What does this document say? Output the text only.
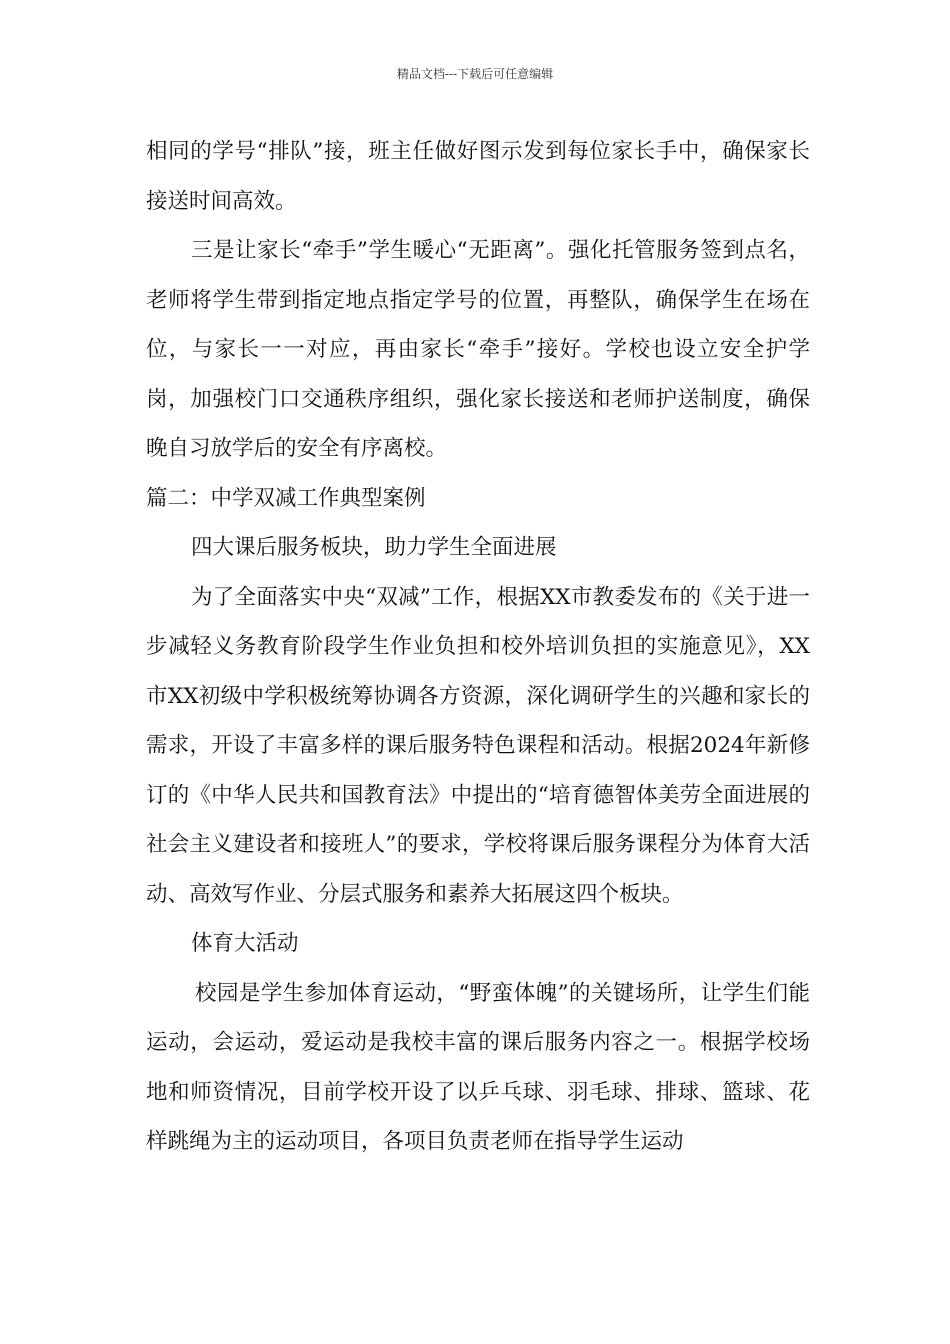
精品文档---下载后可任意编辑

相同的学号“排队”接，班主任做好图示发到每位家长手中，确保家长接送时间高效。

三是让家长“牵手”学生暖心“无距离”。强化托管服务签到点名，老师将学生带到指定地点指定学号的位置，再整队，确保学生在场在位，与家长一一对应，再由家长“牵手”接好。学校也设立安全护学岗，加强校门口交通秩序组织，强化家长接送和老师护送制度，确保晚自习放学后的安全有序离校。

篇二：中学双减工作典型案例

四大课后服务板块，助力学生全面进展

为了全面落实中央“双减”工作，根据XX市教委发布的《关于进一步减轻义务教育阶段学生作业负担和校外培训负担的实施意见》，XX市XX初级中学积极统筹协调各方资源，深化调研学生的兴趣和家长的需求，开设了丰富多样的课后服务特色课程和活动。根据2024年新修订的《中华人民共和国教育法》中提出的“培育德智体美劳全面进展的社会主义建设者和接班人”的要求，学校将课后服务课程分为体育大活动、高效写作业、分层式服务和素养大拓展这四个板块。

体育大活动

校园是学生参加体育运动，“野蛮体魄”的关键场所，让学生们能运动，会运动，爱运动是我校丰富的课后服务内容之一。根据学校场地和师资情况，目前学校开设了以乒乓球、羽毛球、排球、篮球、花样跳绳为主的运动项目，各项目负责老师在指导学生运动
